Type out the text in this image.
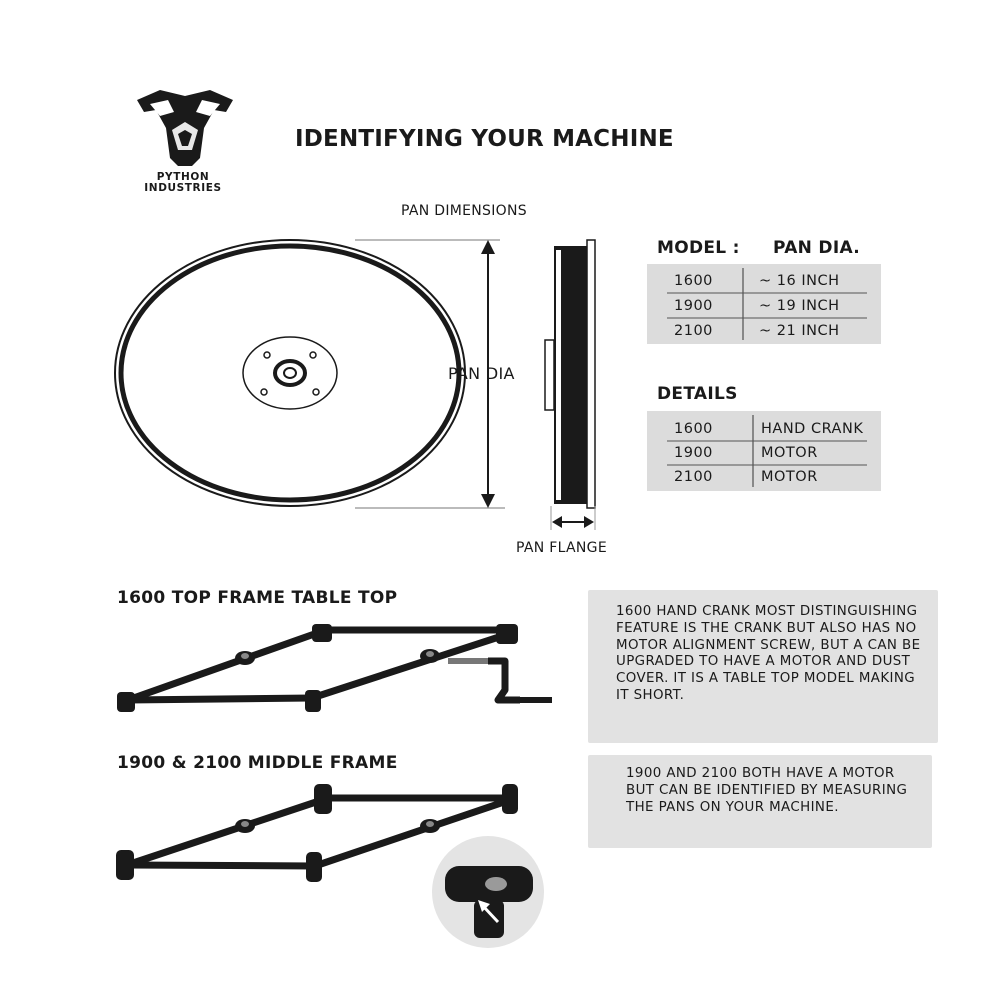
PYTHON
INDUSTRIES
IDENTIFYING YOUR MACHINE
PAN DIMENSIONS
PAN DIA
PAN FLANGE
MODEL : PAN DIA.
1600	~ 16 INCH
1900	~ 19 INCH
2100	~ 21 INCH
DETAILS
1600	HAND CRANK
1900	MOTOR
2100	MOTOR
1600 TOP FRAME TABLE TOP
1900 & 2100 MIDDLE FRAME
1600 HAND CRANK MOST DISTINGUISHING FEATURE IS THE CRANK BUT ALSO HAS NO MOTOR ALIGNMENT SCREW, BUT A CAN BE UPGRADED TO HAVE A MOTOR AND DUST COVER. IT IS A TABLE TOP MODEL MAKING IT SHORT.
1900 AND 2100 BOTH HAVE A MOTOR BUT CAN BE IDENTIFIED BY MEASURING THE PANS ON YOUR MACHINE.
